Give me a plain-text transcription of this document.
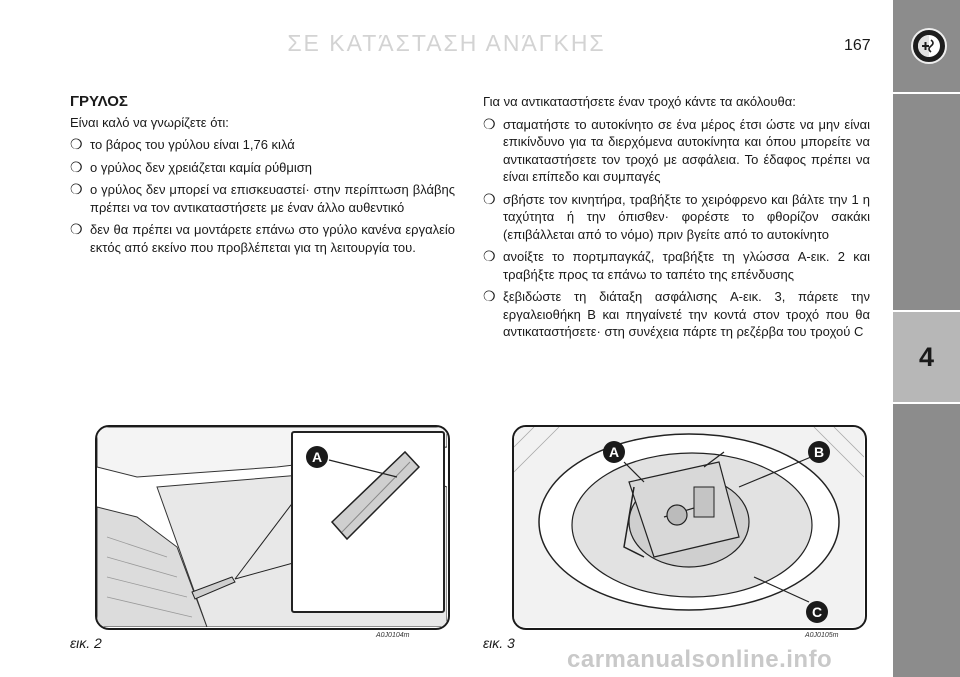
ΣΕ ΚΑΤΆΣΤΑΣΗ ΑΝΆΓΚΗΣ	167
4
ΓΡΥΛΟΣ
Είναι καλό να γνωρίζετε ότι:
❍ το βάρος του γρύλου είναι 1,76 κιλά
❍ ο γρύλος δεν χρειάζεται καμία ρύθμιση
❍ ο γρύλος δεν μπορεί να επισκευαστεί· στην περίπτωση βλάβης πρέπει να τον αντικαταστήσετε με έναν άλλο αυθεντικό
❍ δεν θα πρέπει να μοντάρετε επάνω στο γρύλο κανένα εργαλείο εκτός από εκείνο που προβλέπεται για τη λειτουργία του.
Για να αντικαταστήσετε έναν τροχό κάντε τα ακόλουθα:
❍ σταματήστε το αυτοκίνητο σε ένα μέρος έτσι ώστε να μην είναι επικίνδυνο για τα διερχόμενα αυτοκίνητα και όπου μπορείτε να αντικαταστήσετε τον τροχό με ασφάλεια. Το έδαφος πρέπει να είναι επίπεδο και συμπαγές
❍ σβήστε τον κινητήρα, τραβήξτε το χειρόφρενο και βάλτε την 1 η ταχύτητα ή την όπισθεν· φορέστε το φθορίζον σακάκι (επιβάλλεται από το νόμο) πριν βγείτε από το αυτοκίνητο
❍ ανοίξτε το πορτμπαγκάζ, τραβήξτε τη γλώσσα A-εικ. 2 και τραβήξτε προς τα επάνω το ταπέτο της επένδυσης
❍ ξεβιδώστε τη διάταξη ασφάλισης A-εικ. 3, πάρετε την εργαλειοθήκη B και πηγαίνετέ την κοντά στον τροχό που θα αντικαταστήσετε· στη συνέχεια πάρτε τη ρεζέρβα του τροχού C
A
εικ. 2	A0J0104m
A	B
C
εικ. 3	A0J0105m
carmanualsonline.info
